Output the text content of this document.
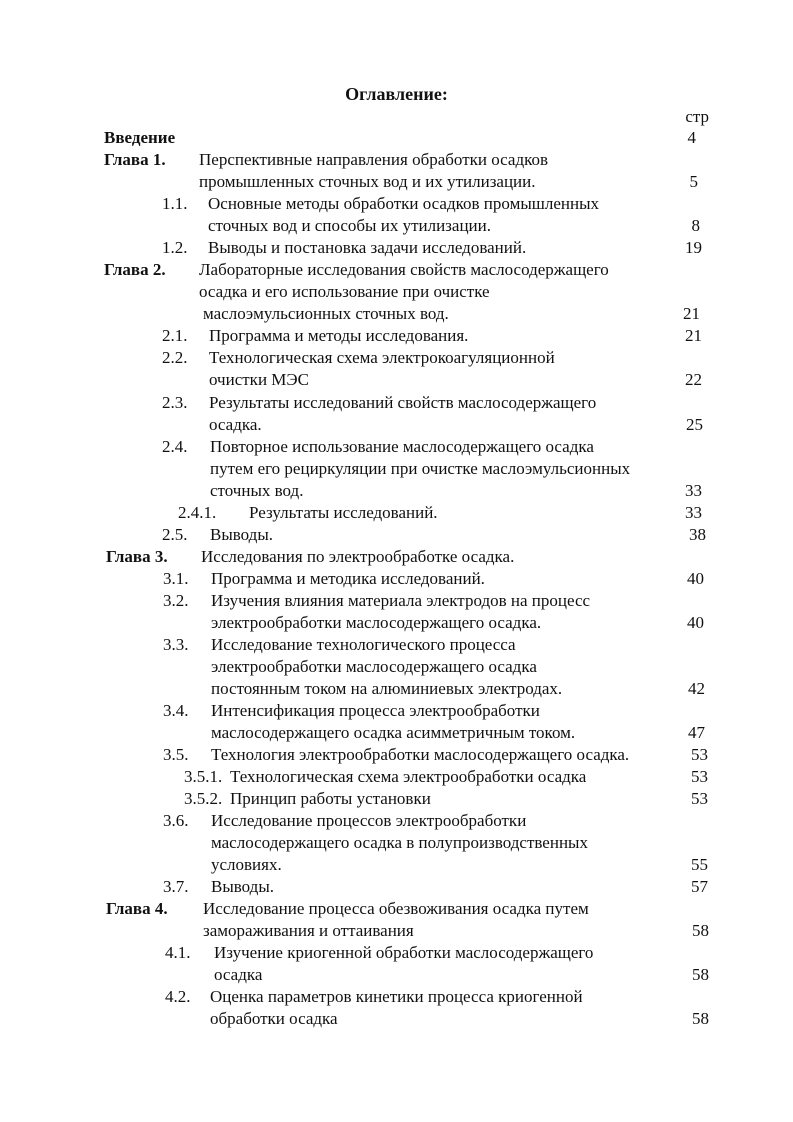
Оглавление:
стр
Введение	4
Глава 1. Перспективные направления обработки осадков
промышленных сточных вод и их утилизации.	5
1.1. Основные методы обработки осадков промышленных
сточных вод и способы их утилизации.	8
1.2. Выводы и постановка задачи исследований.	19
Глава 2. Лабораторные исследования свойств маслосодержащего
осадка и его использование при очистке
маслоэмульсионных сточных вод.	21
2.1. Программа и методы исследования.	21
2.2. Технологическая схема электрокоагуляционной
очистки МЭС	22
2.3. Результаты исследований свойств маслосодержащего
осадка.	25
2.4. Повторное использование маслосодержащего осадка
путем его рециркуляции при очистке маслоэмульсионных
сточных вод.	33
2.4.1. Результаты исследований.	33
2.5. Выводы.	38
Глава 3. Исследования по электрообработке осадка.
3.1. Программа и методика исследований.	40
3.2. Изучения влияния материала электродов на процесс
электрообработки маслосодержащего осадка.	40
3.3. Исследование технологического процесса
электрообработки маслосодержащего осадка
постоянным током на алюминиевых электродах.	42
3.4. Интенсификация процесса электрообработки
маслосодержащего осадка асимметричным током.	47
3.5. Технология электрообработки маслосодержащего осадка.	53
3.5.1. Технологическая схема электрообработки осадка	53
3.5.2. Принцип работы установки	53
3.6. Исследование процессов электрообработки
маслосодержащего осадка в полупроизводственных
условиях.	55
3.7. Выводы.	57
Глава 4. Исследование процесса обезвоживания осадка путем
замораживания и оттаивания	58
4.1. Изучение криогенной обработки маслосодержащего
осадка	58
4.2. Оценка параметров кинетики процесса криогенной
обработки осадка	58
